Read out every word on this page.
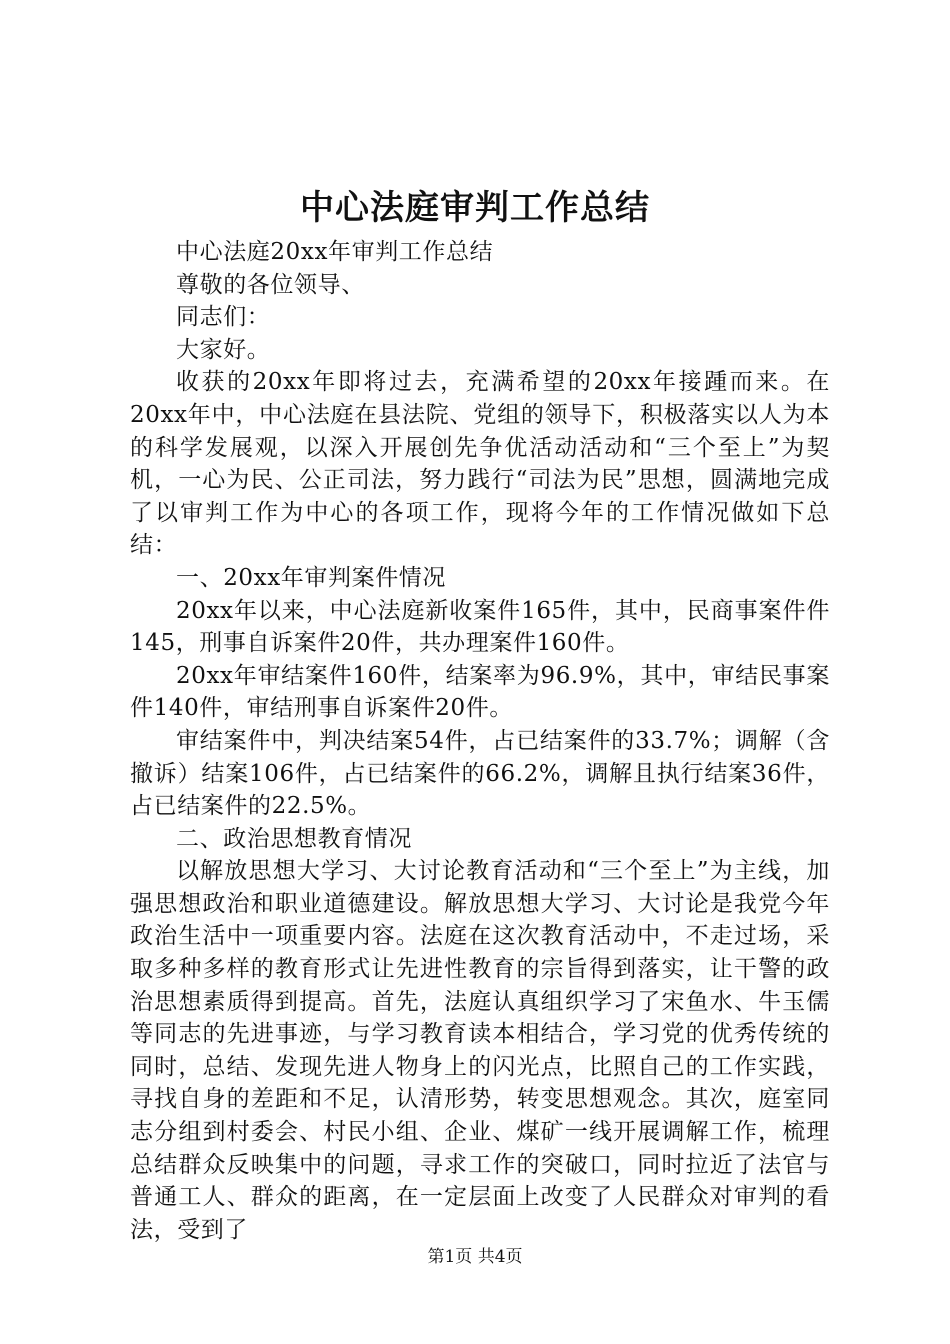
中心法庭审判工作总结

中心法庭20xx年审判工作总结

尊敬的各位领导、

同志们：

大家好。

收获的20xx年即将过去，充满希望的20xx年接踵而来。在20xx年中，中心法庭在县法院、党组的领导下，积极落实以人为本的科学发展观，以深入开展创先争优活动活动和“三个至上”为契机，一心为民、公正司法，努力践行“司法为民”思想，圆满地完成了以审判工作为中心的各项工作，现将今年的工作情况做如下总结：

一、20xx年审判案件情况

20xx年以来，中心法庭新收案件165件，其中，民商事案件件145，刑事自诉案件20件，共办理案件160件。

20xx年审结案件160件，结案率为96.9%，其中，审结民事案件140件，审结刑事自诉案件20件。

审结案件中，判决结案54件，占已结案件的33.7%；调解（含撤诉）结案106件，占已结案件的66.2%，调解且执行结案36件，占已结案件的22.5%。

二、政治思想教育情况

以解放思想大学习、大讨论教育活动和“三个至上”为主线，加强思想政治和职业道德建设。解放思想大学习、大讨论是我党今年政治生活中一项重要内容。法庭在这次教育活动中，不走过场，采取多种多样的教育形式让先进性教育的宗旨得到落实，让干警的政治思想素质得到提高。首先，法庭认真组织学习了宋鱼水、牛玉儒等同志的先进事迹，与学习教育读本相结合，学习党的优秀传统的同时，总结、发现先进人物身上的闪光点，比照自己的工作实践，寻找自身的差距和不足，认清形势，转变思想观念。其次，庭室同志分组到村委会、村民小组、企业、煤矿一线开展调解工作，梳理总结群众反映集中的问题，寻求工作的突破口，同时拉近了法官与普通工人、群众的距离，在一定层面上改变了人民群众对审判的看法，受到了

第1页 共4页
